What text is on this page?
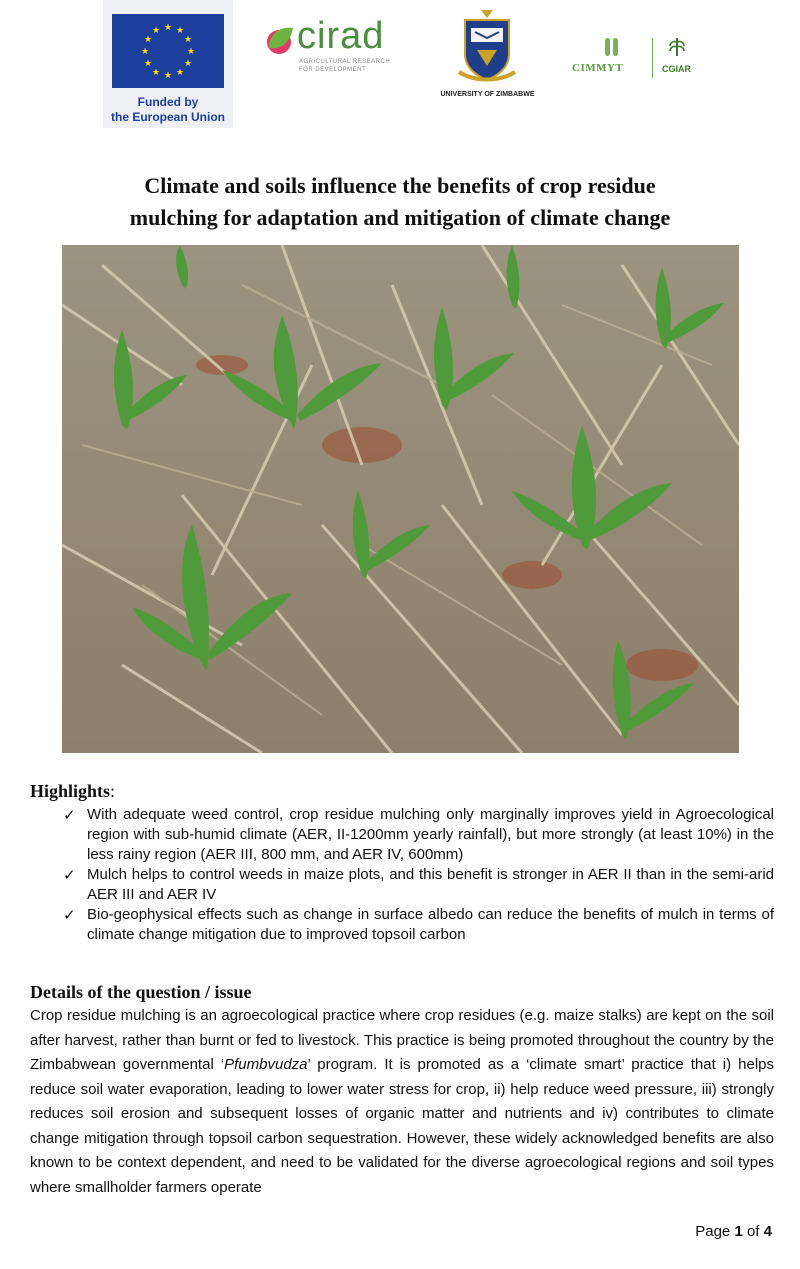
★ ★
★
★
★
★
★
★
★
★
★
★
Funded by
the European Union
cirad
AGRICULTURAL RESEARCH FOR DEVELOPMENT
UNIVERSITY OF ZIMBABWE
CIMMYT	CGIAR
Climate and soils influence the benefits of crop residue
mulching for adaptation and mitigation of climate change
Highlights:
✓ With adequate weed control, crop residue mulching only marginally improves yield in Agroecological region with sub-humid climate (AER, II-1200mm yearly rainfall), but more strongly (at least 10%) in the less rainy region (AER III, 800 mm, and AER IV, 600mm)
✓ Mulch helps to control weeds in maize plots, and this benefit is stronger in AER II than in the semi-arid AER III and AER IV
✓ Bio-geophysical effects such as change in surface albedo can reduce the benefits of mulch in terms of climate change mitigation due to improved topsoil carbon
Details of the question / issue

Crop residue mulching is an agroecological practice where crop residues (e.g. maize stalks) are kept on the soil after harvest, rather than burnt or fed to livestock. This practice is being promoted throughout the country by the Zimbabwean governmental ‘Pfumbvudza’ program. It is promoted as a ‘climate smart’ practice that i) helps reduce soil water evaporation, leading to lower water stress for crop, ii) help reduce weed pressure, iii) strongly reduces soil erosion and subsequent losses of organic matter and nutrients and iv) contributes to climate change mitigation through topsoil carbon sequestration. However, these widely acknowledged benefits are also known to be context dependent, and need to be validated for the diverse agroecological regions and soil types where smallholder farmers operate

Page 1 of 4
